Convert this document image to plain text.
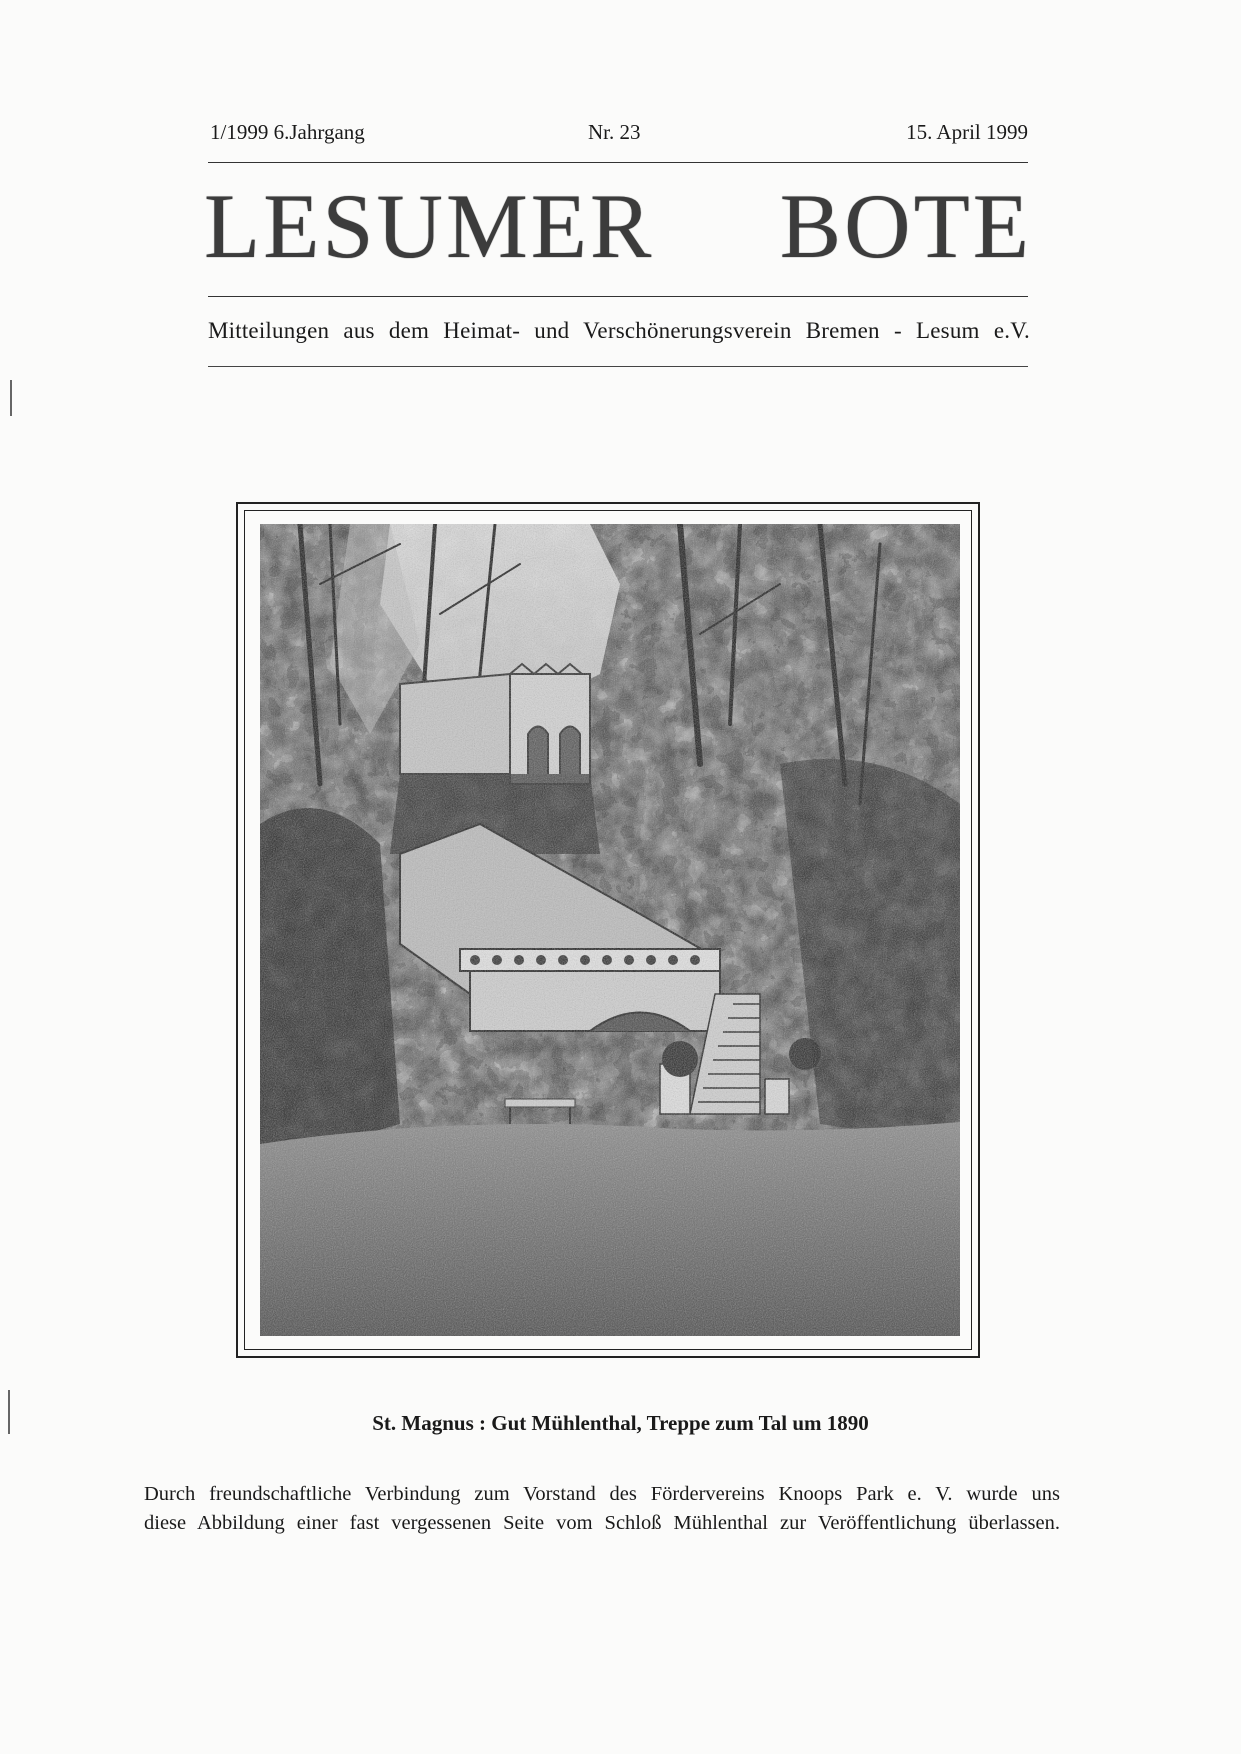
1/1999 6.Jahrgang	Nr. 23	15. April 1999
LESUMER BOTE
Mitteilungen aus dem Heimat- und Verschönerungsverein Bremen - Lesum e.V.
St. Magnus : Gut Mühlenthal, Treppe zum Tal um 1890
Durch freundschaftliche Verbindung zum Vorstand des Fördervereins Knoops Park e. V. wurde uns
diese Abbildung einer fast vergessenen Seite vom Schloß Mühlenthal zur Veröffentlichung überlassen.
